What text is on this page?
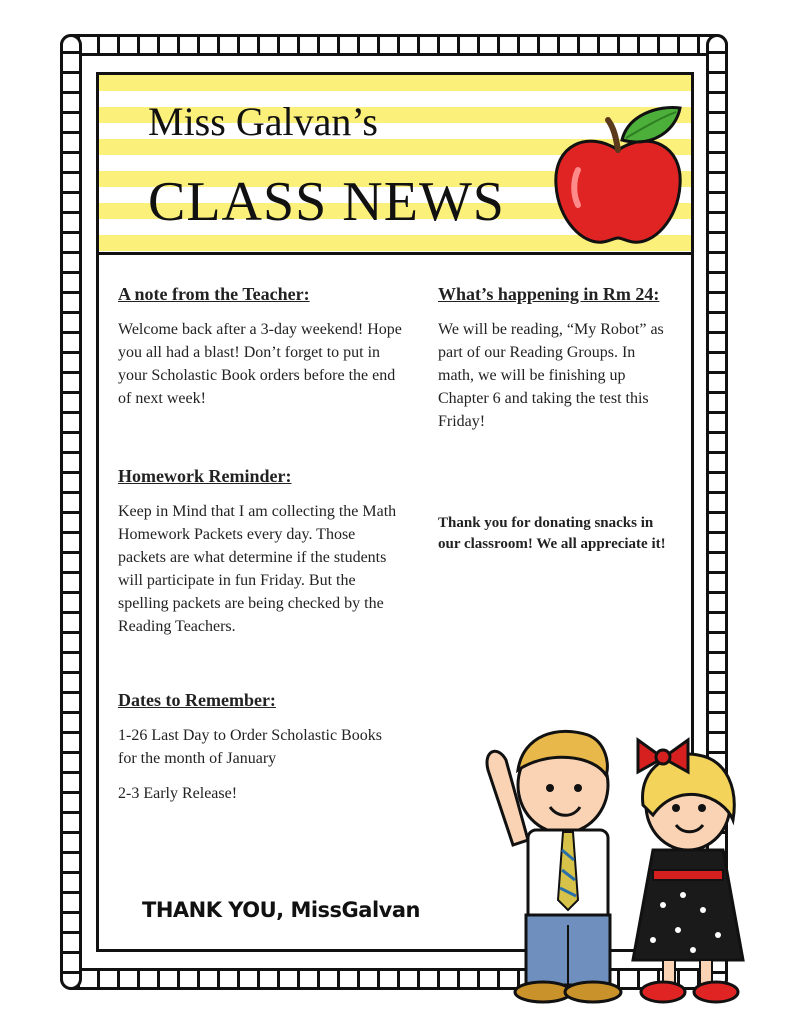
Miss Galvan’s
CLASS NEWS
A note from the Teacher:

Welcome back after a 3-day weekend! Hope you all had a blast! Don’t forget to put in your Scholastic Book orders before the end of next week!

Homework Reminder:

Keep in Mind that I am collecting the Math Homework Packets every day. Those packets are what determine if the students will participate in fun Friday. But the spelling packets are being checked by the Reading Teachers.

Dates to Remember:

1-26 Last Day to Order Scholastic Books for the month of January

2-3 Early Release!

What’s happening in Rm 24:

We will be reading, “My Robot” as part of our Reading Groups. In math, we will be finishing up Chapter 6 and taking the test this Friday!

Thank you for donating snacks in our classroom! We all appreciate it!

THANK YOU, MissGalvan
